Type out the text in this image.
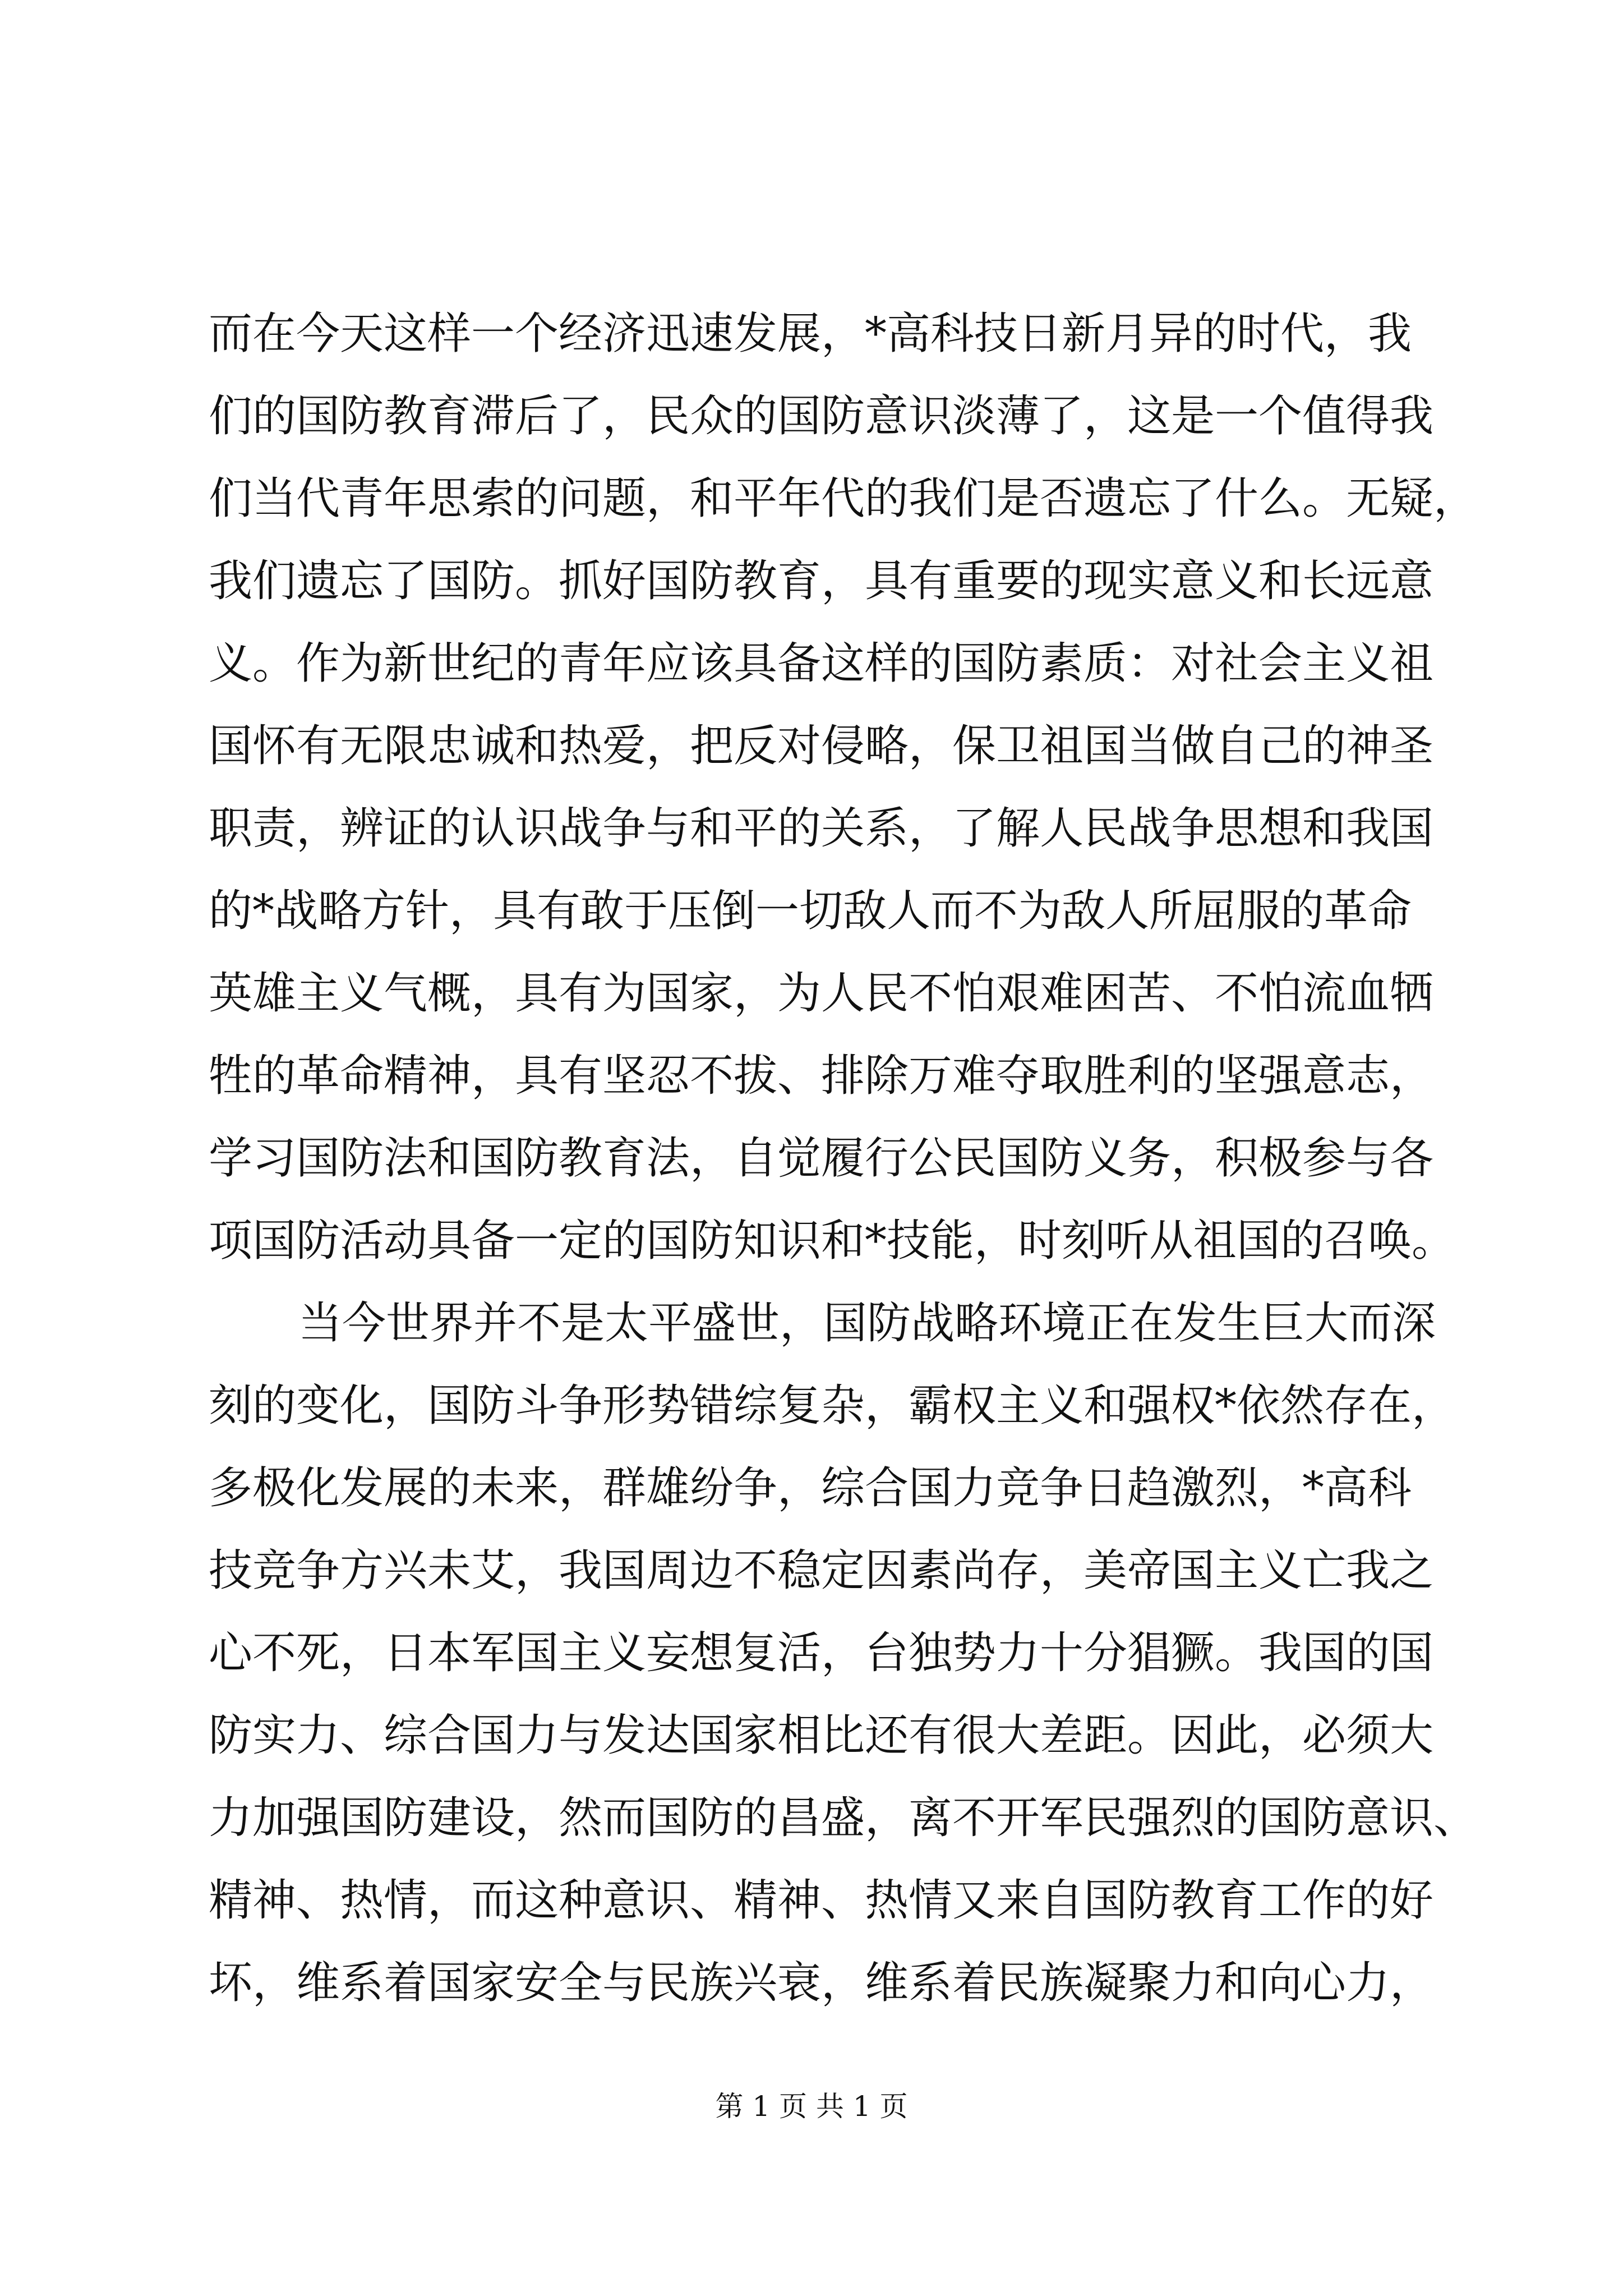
而在今天这样一个经济迅速发展，*高科技日新月异的时代，我
们的国防教育滞后了，民众的国防意识淡薄了，这是一个值得我
们当代青年思索的问题，和平年代的我们是否遗忘了什么。无疑，
我们遗忘了国防。抓好国防教育，具有重要的现实意义和长远意
义。作为新世纪的青年应该具备这样的国防素质：对社会主义祖
国怀有无限忠诚和热爱，把反对侵略，保卫祖国当做自己的神圣
职责，辨证的认识战争与和平的关系，了解人民战争思想和我国
的*战略方针，具有敢于压倒一切敌人而不为敌人所屈服的革命
英雄主义气概，具有为国家，为人民不怕艰难困苦、不怕流血牺
牲的革命精神，具有坚忍不拔、排除万难夺取胜利的坚强意志，
学习国防法和国防教育法，自觉履行公民国防义务，积极参与各
项国防活动具备一定的国防知识和*技能，时刻听从祖国的召唤。
当今世界并不是太平盛世，国防战略环境正在发生巨大而深
刻的变化，国防斗争形势错综复杂，霸权主义和强权*依然存在，
多极化发展的未来，群雄纷争，综合国力竞争日趋激烈，*高科
技竞争方兴未艾，我国周边不稳定因素尚存，美帝国主义亡我之
心不死，日本军国主义妄想复活，台独势力十分猖獗。我国的国
防实力、综合国力与发达国家相比还有很大差距。因此，必须大
力加强国防建设，然而国防的昌盛，离不开军民强烈的国防意识、
精神、热情，而这种意识、精神、热情又来自国防教育工作的好
坏，维系着国家安全与民族兴衰，维系着民族凝聚力和向心力，
第 1 页 共 1 页
